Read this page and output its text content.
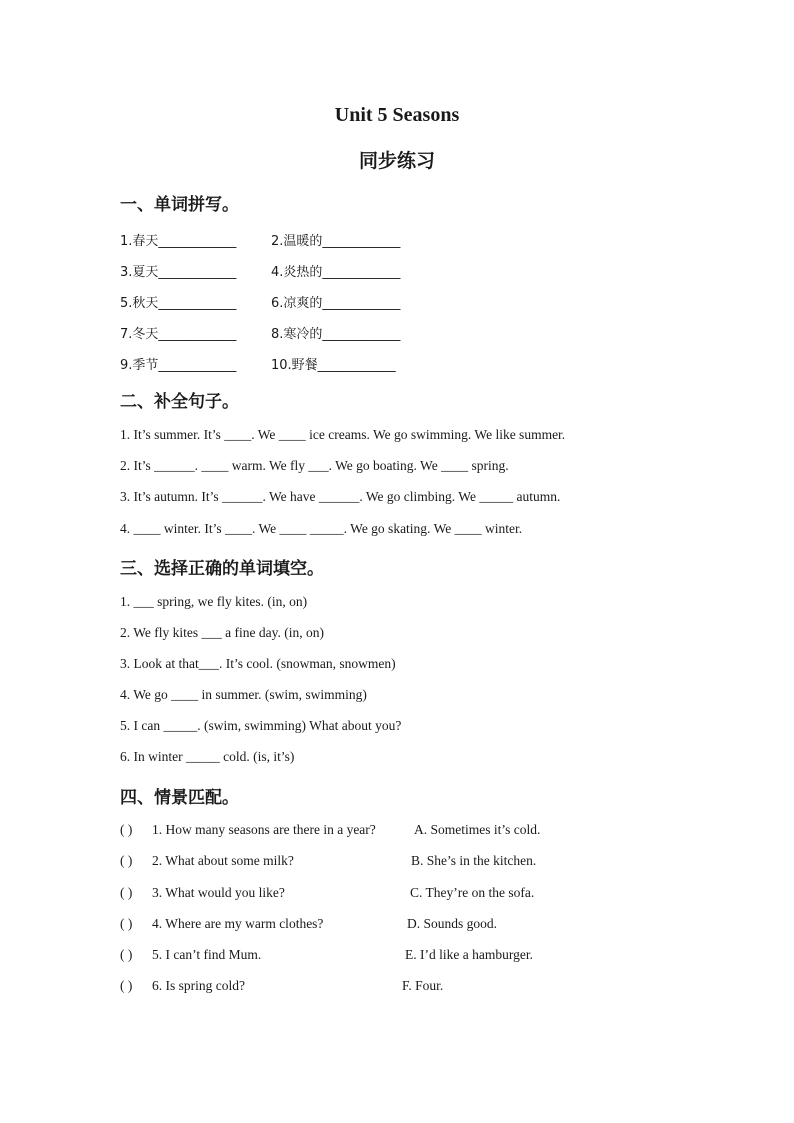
Unit 5 Seasons
同步练习
一、单词拼写。
1.春天____________	2.温暖的____________
3.夏天____________	4.炎热的____________
5.秋天____________	6.凉爽的____________
7.冬天____________	8.寒冷的____________
9.季节____________	10.野餐____________
二、补全句子。
1. It’s summer. It’s ____. We ____ ice creams. We go swimming. We like summer.
2. It’s ______. ____ warm. We fly ___. We go boating. We ____ spring.
3. It’s autumn. It’s ______. We have ______. We go climbing. We _____ autumn.
4. ____ winter. It’s ____. We ____ _____. We go skating. We ____ winter.
三、选择正确的单词填空。
1. ___ spring, we fly kites. (in, on)
2. We fly kites ___ a fine day. (in, on)
3. Look at that___. It’s cool. (snowman, snowmen)
4. We go ____ in summer. (swim, swimming)
5. I can _____. (swim, swimming) What about you?
6. In winter _____ cold. (is, it’s)
四、情景匹配。
( ) 1. How many seasons are there in a year?	A. Sometimes it’s cold.
( ) 2. What about some milk?	B. She’s in the kitchen.
( ) 3. What would you like?	C. They’re on the sofa.
( ) 4. Where are my warm clothes?	D. Sounds good.
( ) 5. I can’t find Mum.	E. I’d like a hamburger.
( ) 6. Is spring cold?	F. Four.
